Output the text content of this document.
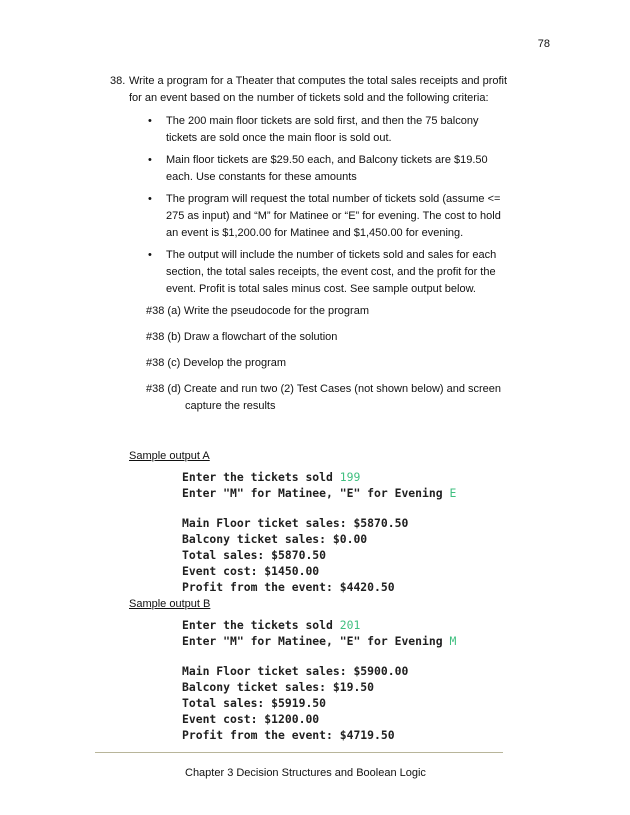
78
38. Write a program for a Theater that computes the total sales receipts and profit for an event based on the number of tickets sold and the following criteria:
• The 200 main floor tickets are sold first, and then the 75 balcony tickets are sold once the main floor is sold out.
• Main floor tickets are $29.50 each, and Balcony tickets are $19.50 each. Use constants for these amounts
• The program will request the total number of tickets sold (assume <= 275 as input) and “M” for Matinee or “E” for evening. The cost to hold an event is $1,200.00 for Matinee and $1,450.00 for evening.
• The output will include the number of tickets sold and sales for each section, the total sales receipts, the event cost, and the profit for the event. Profit is total sales minus cost. See sample output below.
#38 (a) Write the pseudocode for the program
#38 (b) Draw a flowchart of the solution
#38 (c) Develop the program
#38 (d) Create and run two (2) Test Cases (not shown below) and screen
capture the results
Sample output A
Enter the tickets sold 199
Enter "M" for Matinee, "E" for Evening E
Main Floor ticket sales: $5870.50
Balcony ticket sales: $0.00
Total sales: $5870.50
Event cost: $1450.00
Profit from the event: $4420.50
Sample output B
Enter the tickets sold 201
Enter "M" for Matinee, "E" for Evening M
Main Floor ticket sales: $5900.00
Balcony ticket sales: $19.50
Total sales: $5919.50
Event cost: $1200.00
Profit from the event: $4719.50
Chapter 3 Decision Structures and Boolean Logic
